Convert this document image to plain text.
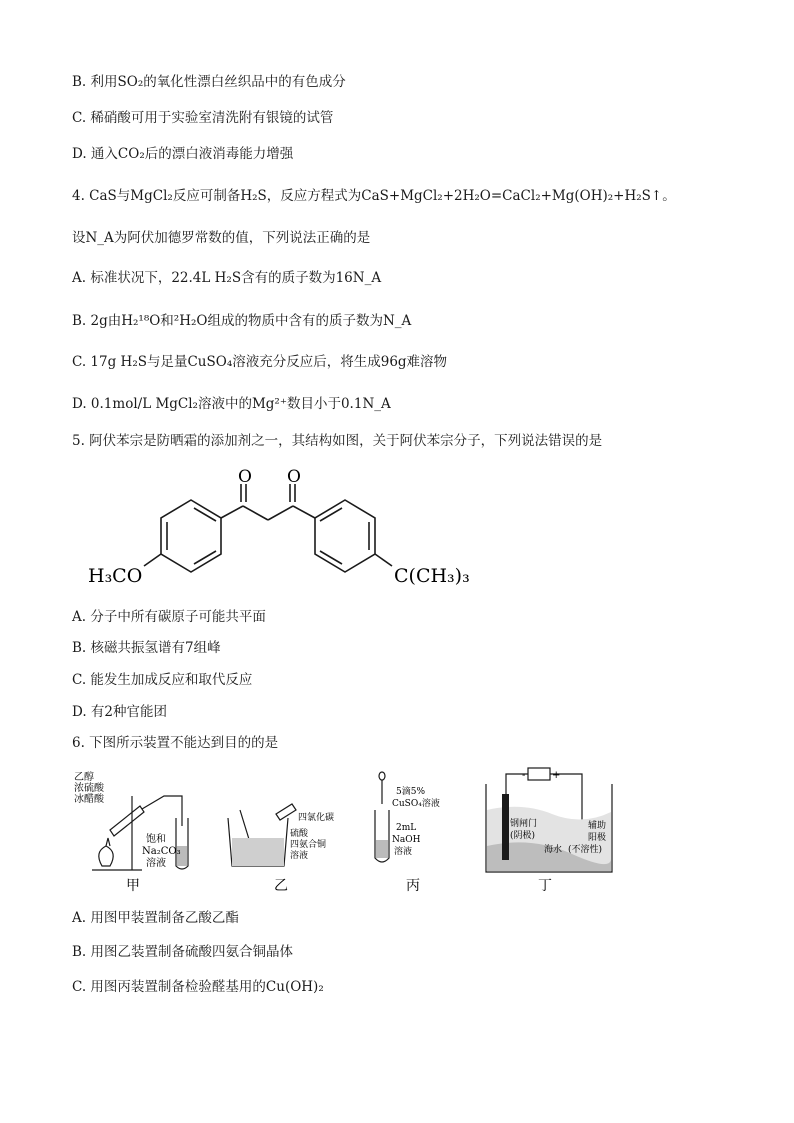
B. 利用SO₂的氧化性漂白丝织品中的有色成分
C. 稀硝酸可用于实验室清洗附有银镜的试管
D. 通入CO₂后的漂白液消毒能力增强
4. CaS与MgCl₂反应可制备H₂S，反应方程式为CaS+MgCl₂+2H₂O=CaCl₂+Mg(OH)₂+H₂S↑。
设N_A为阿伏加德罗常数的值，下列说法正确的是
A. 标准状况下，22.4L H₂S含有的质子数为16N_A
B. 2g由H₂¹⁸O和²H₂O组成的物质中含有的质子数为N_A
C. 17g H₂S与足量CuSO₄溶液充分反应后，将生成96g难溶物
D. 0.1mol/L MgCl₂溶液中的Mg²⁺数目小于0.1N_A
5. 阿伏苯宗是防晒霜的添加剂之一，其结构如图，关于阿伏苯宗分子，下列说法错误的是
O O
H₃CO	C(CH₃)₃
A. 分子中所有碳原子可能共平面
B. 核磁共振氢谱有7组峰
C. 能发生加成反应和取代反应
D. 有2种官能团
6. 下图所示装置不能达到目的的是
乙醇
浓硫酸
冰醋酸
饱和
Na₂CO₃
溶液
甲
四氯化碳
硫酸
四氨合铜
溶液
乙
5滴5%
CuSO₄溶液
2mL
NaOH
溶液
丙
-	+
钢闸门
(阴极)
辅助
阳极
海水 (不溶性)
丁
A. 用图甲装置制备乙酸乙酯
B. 用图乙装置制备硫酸四氨合铜晶体
C. 用图丙装置制备检验醛基用的Cu(OH)₂
